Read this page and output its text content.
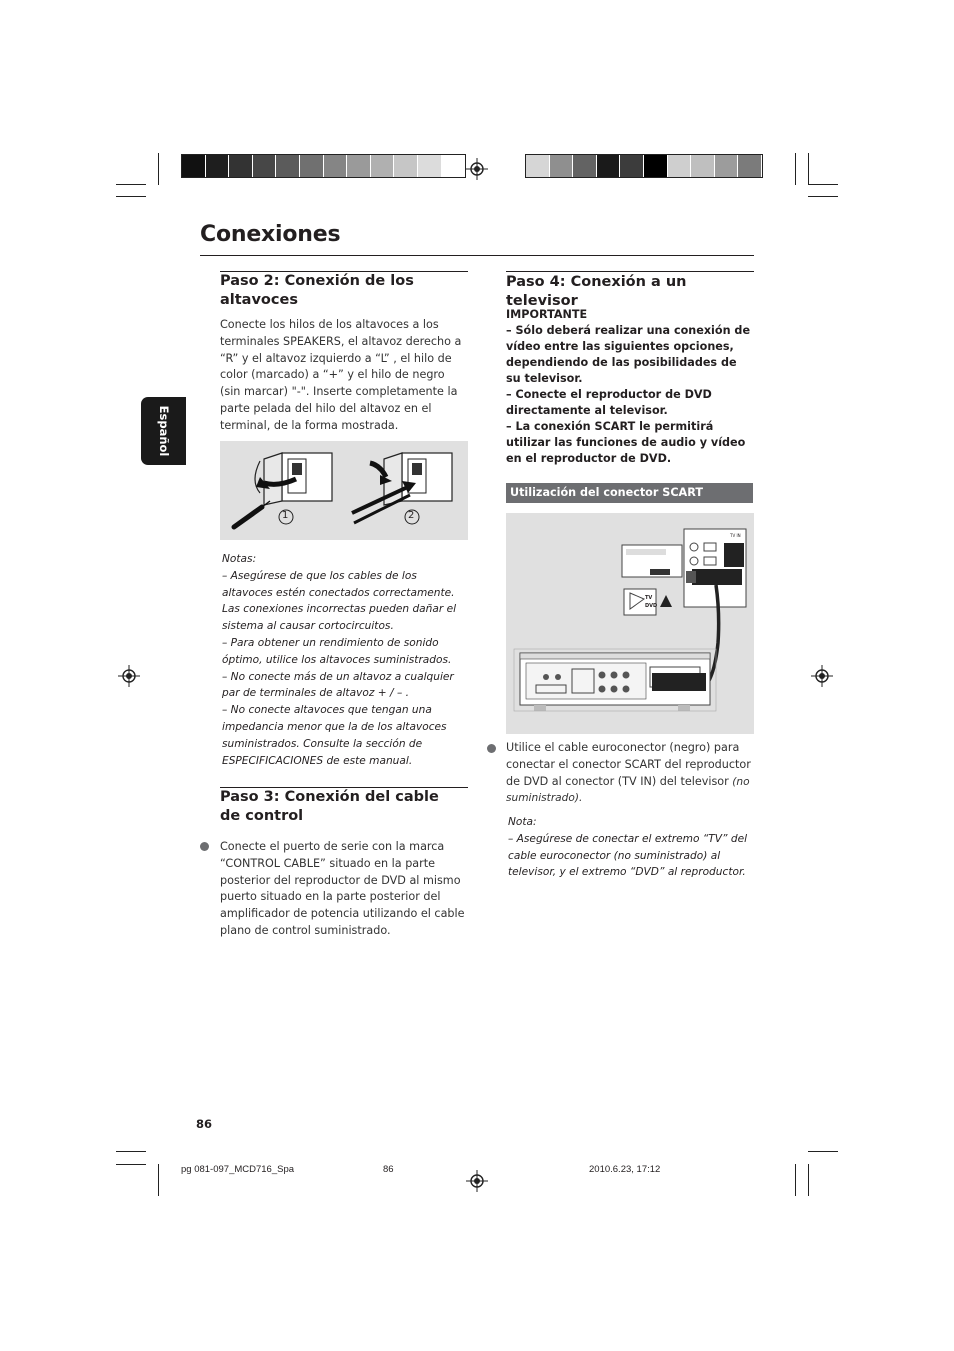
Conexiones
Español
Paso 2: Conexión de los altavoces

Conecte los hilos de los altavoces a los terminales SPEAKERS, el altavoz derecho a “R” y el altavoz izquierdo a “L” , el hilo de color (marcado) a “+” y el hilo de negro (sin marcar) "-". Inserte completamente la parte pelada del hilo del altavoz en el terminal, de la forma mostrada.

1	2

Notas:

– Asegúrese de que los cables de los altavoces estén conectados correctamente. Las conexiones incorrectas pueden dañar el sistema al causar cortocircuitos.

– Para obtener un rendimiento de sonido óptimo, utilice los altavoces suministrados.

– No conecte más de un altavoz a cualquier par de terminales de altavoz + / – .

– No conecte altavoces que tengan una impedancia menor que la de los altavoces suministrados. Consulte la sección de ESPECIFICACIONES de este manual.

Paso 3: Conexión del cable de control

Conecte el puerto de serie con la marca “CONTROL CABLE” situado en la parte posterior del reproductor de DVD al mismo puerto situado en la parte posterior del amplificador de potencia utilizando el cable plano de control suministrado.

Paso 4: Conexión a un televisor

IMPORTANTE

– Sólo deberá realizar una conexión de vídeo entre las siguientes opciones, dependiendo de las posibilidades de su televisor.

– Conecte el reproductor de DVD directamente al televisor.

– La conexión SCART le permitirá utilizar las funciones de audio y vídeo en el reproductor de DVD.

Utilización del conector SCART
TV
DVD
TV IN

Utilice el cable euroconector (negro) para conectar el conector SCART del reproductor de DVD al conector (TV IN) del televisor (no suministrado).

Nota:

– Asegúrese de conectar el extremo “TV” del cable euroconector (no suministrado) al televisor, y el extremo “DVD” al reproductor.

86
pg 081-097_MCD716_Spa	86	2010.6.23, 17:12
